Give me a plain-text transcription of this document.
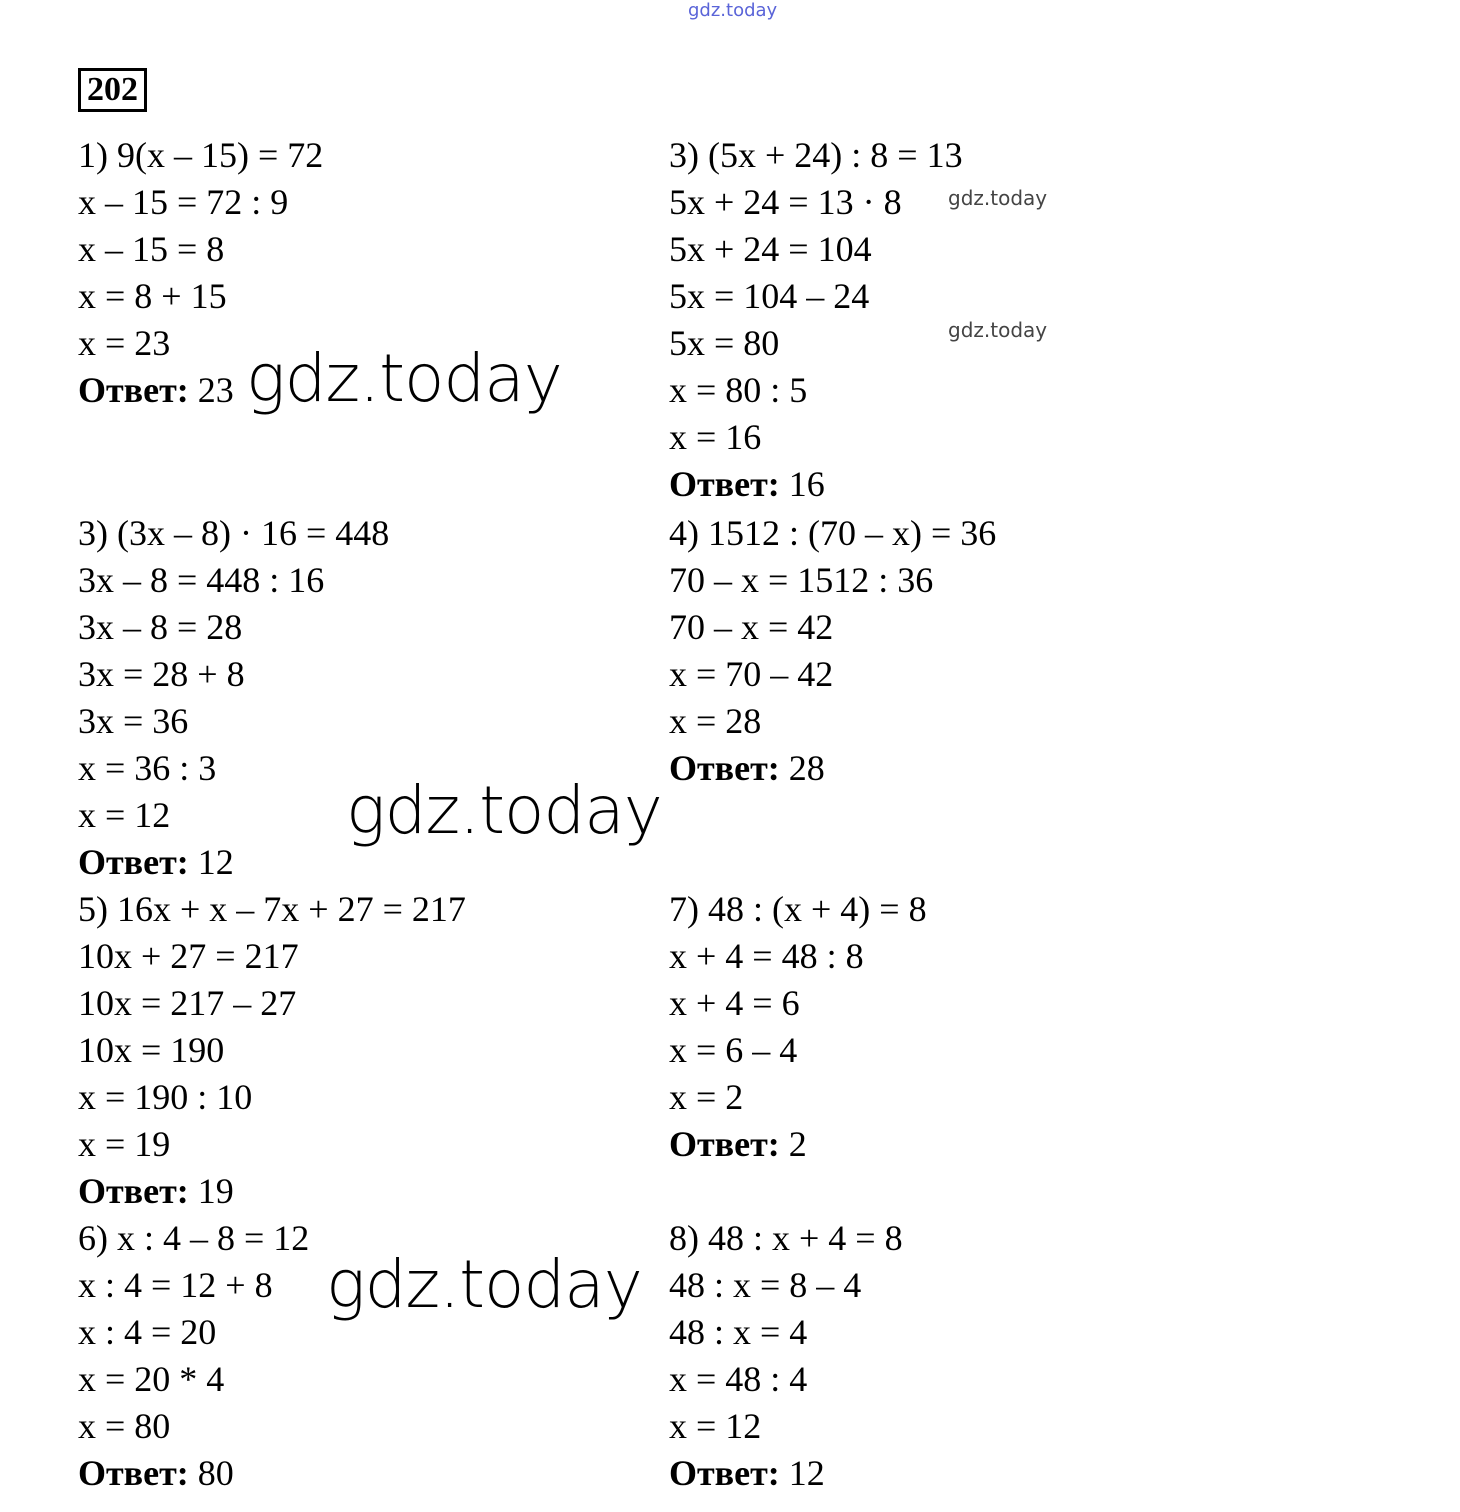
gdz.today
202
1) 9(x – 15) = 72
x – 15 = 72 : 9
x – 15 = 8
x = 8 + 15
x = 23
Ответ: 23
3) (5x + 24) : 8 = 13
5x + 24 = 13 · 8
5x + 24 = 104
5x = 104 – 24
5x = 80
x = 80 : 5
x = 16
Ответ: 16
3) (3x – 8) · 16 = 448
3x – 8 = 448 : 16
3x – 8 = 28
3x = 28 + 8
3x = 36
x = 36 : 3
x = 12
Ответ: 12
4) 1512 : (70 – x) = 36
70 – x = 1512 : 36
70 – x = 42
x = 70 – 42
x = 28
Ответ: 28
5) 16x + x – 7x + 27 = 217
10x + 27 = 217
10x = 217 – 27
10x = 190
x = 190 : 10
x = 19
Ответ: 19
7) 48 : (x + 4) = 8
x + 4 = 48 : 8
x + 4 = 6
x = 6 – 4
x = 2
Ответ: 2
6) x : 4 – 8 = 12
x : 4 = 12 + 8
x : 4 = 20
x = 20 * 4
x = 80
Ответ: 80
8) 48 : x + 4 = 8
48 : x = 8 – 4
48 : x = 4
x = 48 : 4
x = 12
Ответ: 12
gdz.today
gdz.today
gdz.today
gdz.today
gdz.today
